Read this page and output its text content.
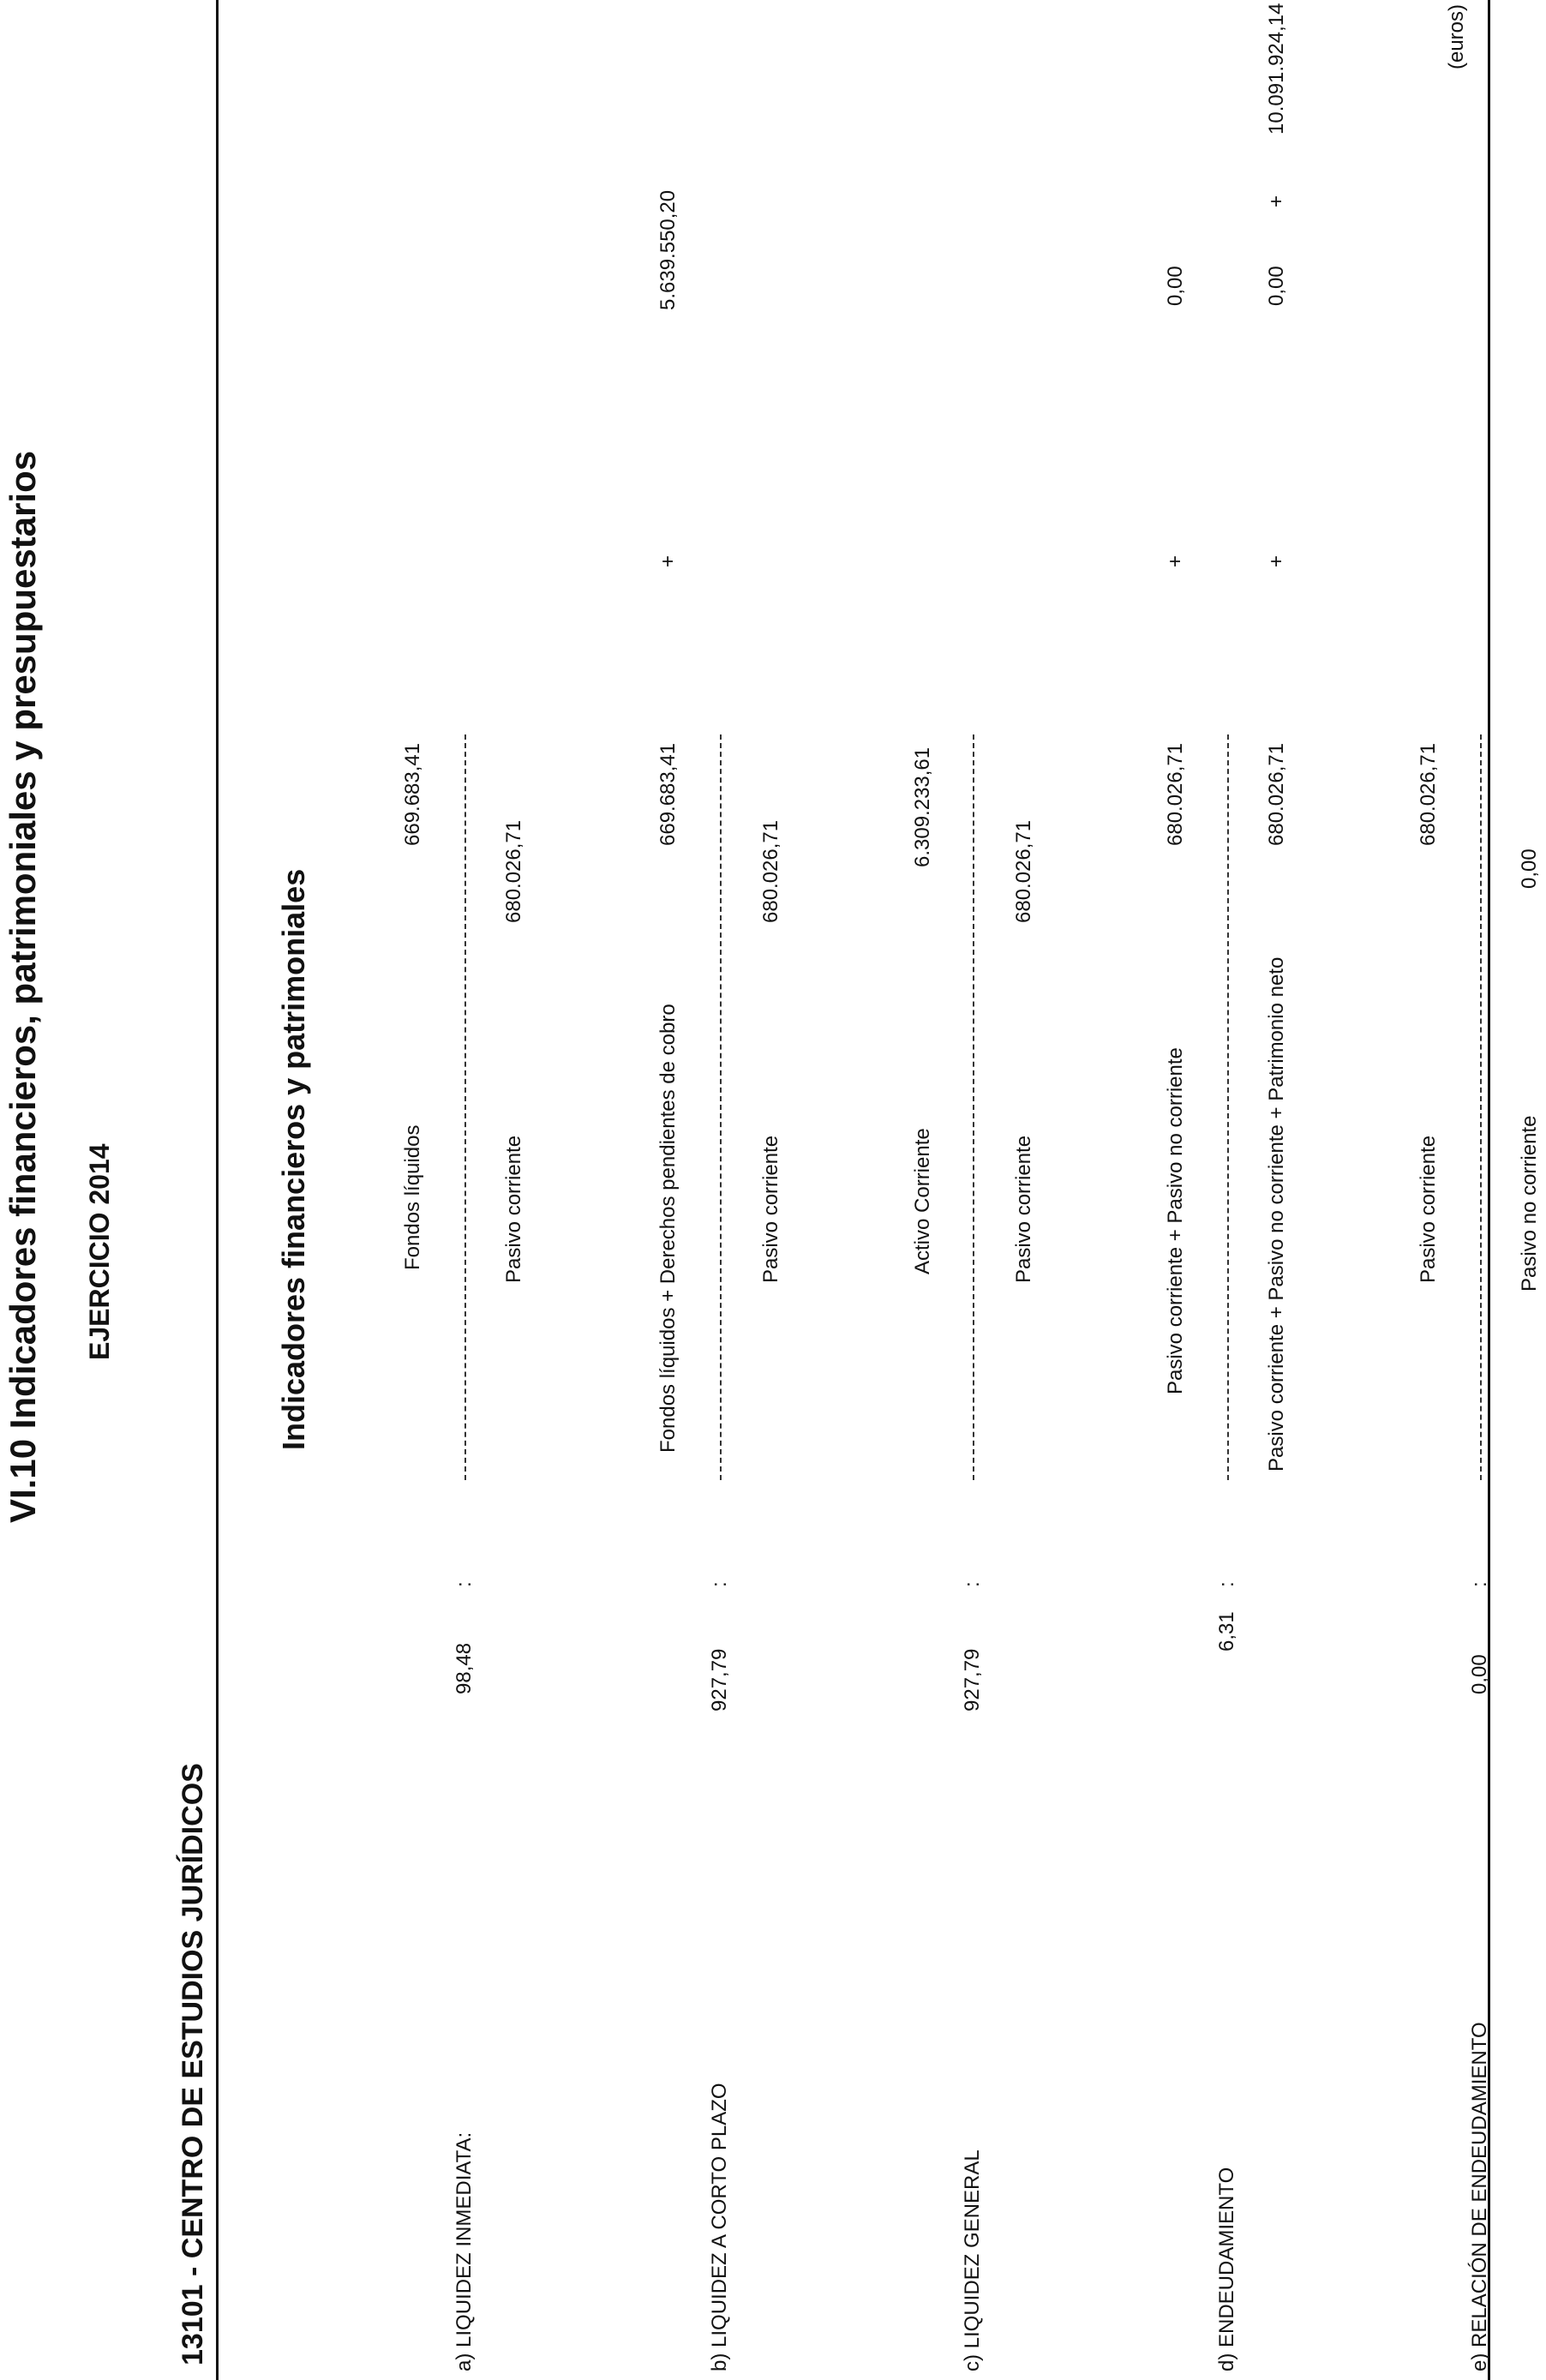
VI.10 Indicadores financieros, patrimoniales y presupuestarios EJERCICIO 2014
13101 - CENTRO DE ESTUDIOS JURÍDICOS
(euros)
Indicadores financieros y patrimoniales
a) LIQUIDEZ INMEDIATA:
98,48
:
Fondos líquidos
669.683,41
Pasivo corriente
680.026,71
b) LIQUIDEZ A CORTO PLAZO
927,79
:
Fondos líquidos + Derechos pendientes de cobro
669.683,41
+
5.639.550,20
Pasivo corriente
680.026,71
c) LIQUIDEZ GENERAL
927,79
:
Activo Corriente
6.309.233,61
Pasivo corriente
680.026,71
d) ENDEUDAMIENTO
6,31
:
Pasivo corriente + Pasivo no corriente
680.026,71
+
0,00
Pasivo corriente + Pasivo no corriente + Patrimonio neto
680.026,71
+
0,00
+
10.091.924,14
e) RELACIÓN DE ENDEUDAMIENTO
0,00
:
Pasivo corriente
680.026,71
Pasivo no corriente
0,00
